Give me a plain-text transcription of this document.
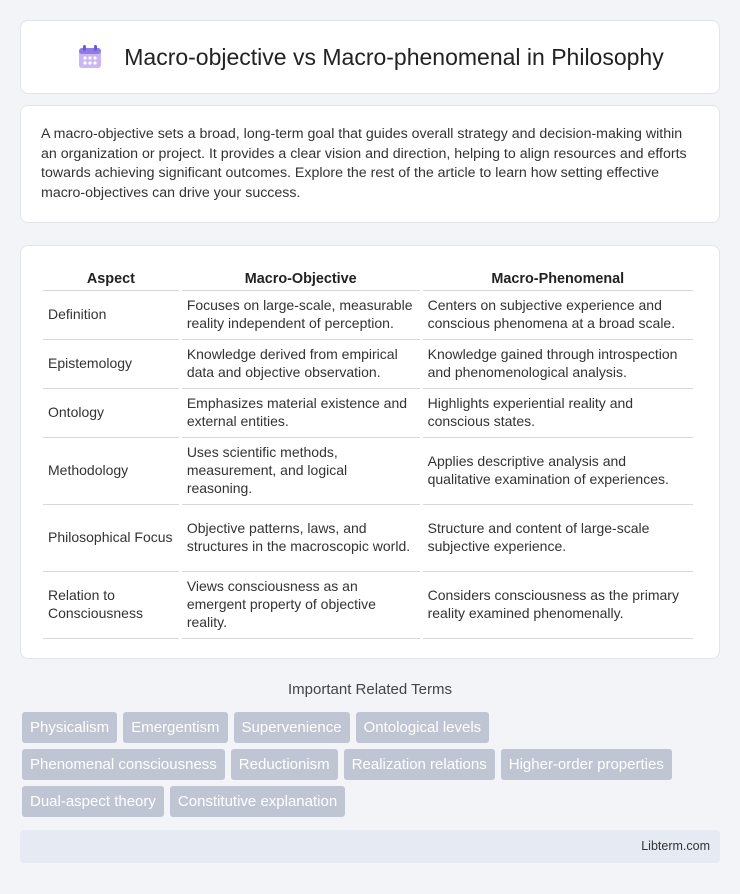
Macro-objective vs Macro-phenomenal in Philosophy

A macro-objective sets a broad, long-term goal that guides overall strategy and decision-making within an organization or project. It provides a clear vision and direction, helping to align resources and efforts towards achieving significant outcomes. Explore the rest of the article to learn how setting effective macro-objectives can drive your success.

Aspect	Macro-Objective	Macro-Phenomenal
Definition	Focuses on large-scale, measurable reality independent of perception.	Centers on subjective experience and conscious phenomena at a broad scale.
Epistemology	Knowledge derived from empirical data and objective observation.	Knowledge gained through introspection and phenomenological analysis.
Ontology	Emphasizes material existence and external entities.	Highlights experiential reality and conscious states.
Methodology	Uses scientific methods, measurement, and logical reasoning.	Applies descriptive analysis and qualitative examination of experiences.
Philosophical Focus	Objective patterns, laws, and structures in the macroscopic world.	Structure and content of large-scale subjective experience.
Relation to Consciousness	Views consciousness as an emergent property of objective reality.	Considers consciousness as the primary reality examined phenomenally.
Important Related Terms
Physicalism	Emergentism	Supervenience	Ontological levels
Phenomenal consciousness	Reductionism	Realization relations	Higher-order properties
Dual-aspect theory	Constitutive explanation
Libterm.com
